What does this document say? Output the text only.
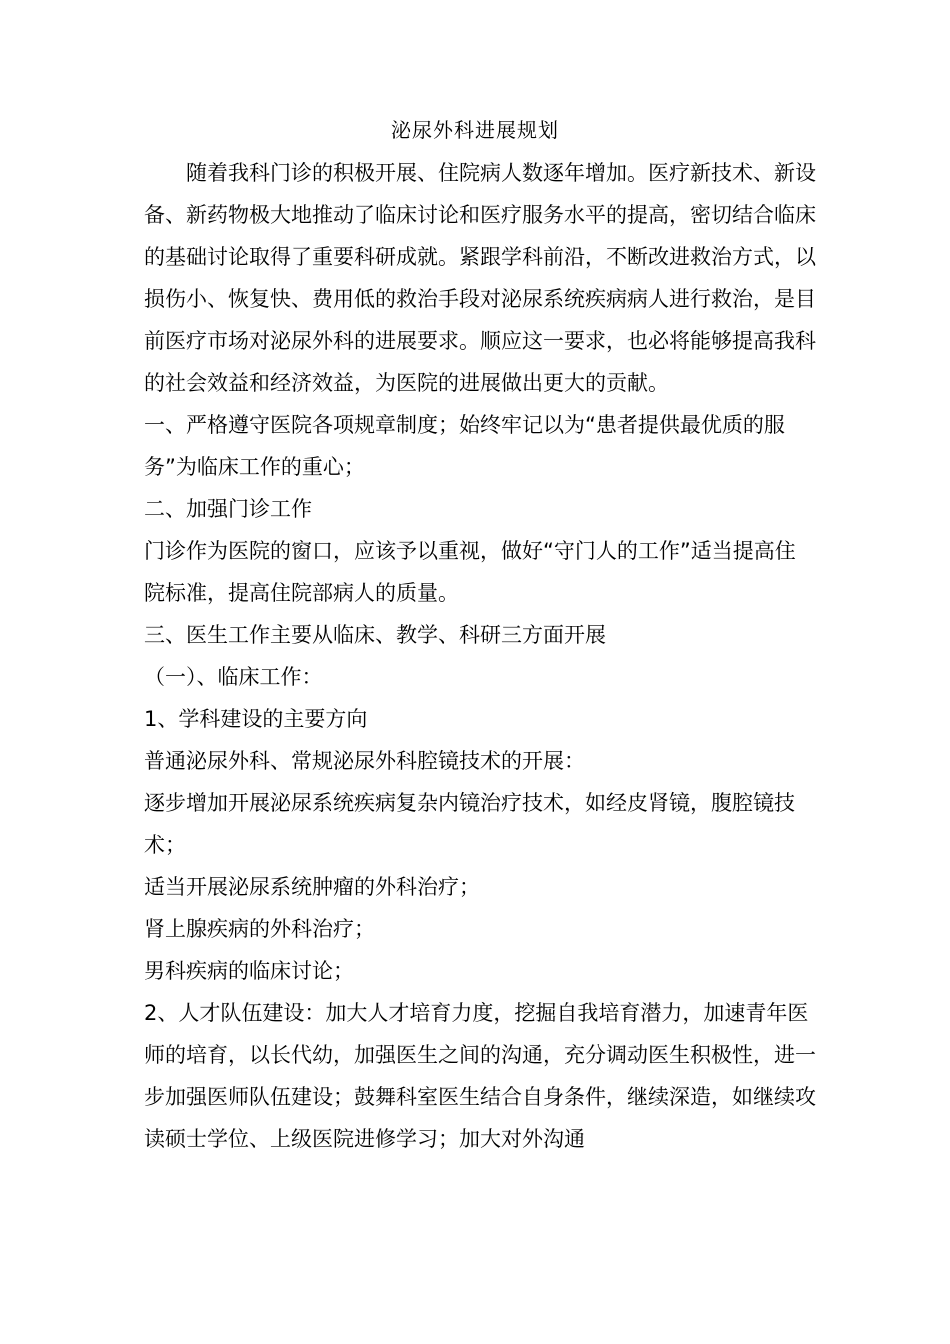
泌尿外科进展规划

随着我科门诊的积极开展、住院病人数逐年增加。医疗新技术、新设备、新药物极大地推动了临床讨论和医疗服务水平的提高，密切结合临床的基础讨论取得了重要科研成就。紧跟学科前沿，不断改进救治方式，以损伤小、恢复快、费用低的救治手段对泌尿系统疾病病人进行救治，是目前医疗市场对泌尿外科的进展要求。顺应这一要求，也必将能够提高我科的社会效益和经济效益，为医院的进展做出更大的贡献。

一、严格遵守医院各项规章制度；始终牢记以为“患者提供最优质的服务”为临床工作的重心；

二、加强门诊工作

门诊作为医院的窗口，应该予以重视，做好“守门人的工作”适当提高住院标准，提高住院部病人的质量。

三、医生工作主要从临床、教学、科研三方面开展

（一）、临床工作：

1、学科建设的主要方向

普通泌尿外科、常规泌尿外科腔镜技术的开展：

逐步增加开展泌尿系统疾病复杂内镜治疗技术，如经皮肾镜，腹腔镜技术；

适当开展泌尿系统肿瘤的外科治疗；

肾上腺疾病的外科治疗；

男科疾病的临床讨论；

2、人才队伍建设：加大人才培育力度，挖掘自我培育潜力，加速青年医师的培育，以长代幼，加强医生之间的沟通，充分调动医生积极性，进一步加强医师队伍建设；鼓舞科室医生结合自身条件，继续深造，如继续攻读硕士学位、上级医院进修学习；加大对外沟通
